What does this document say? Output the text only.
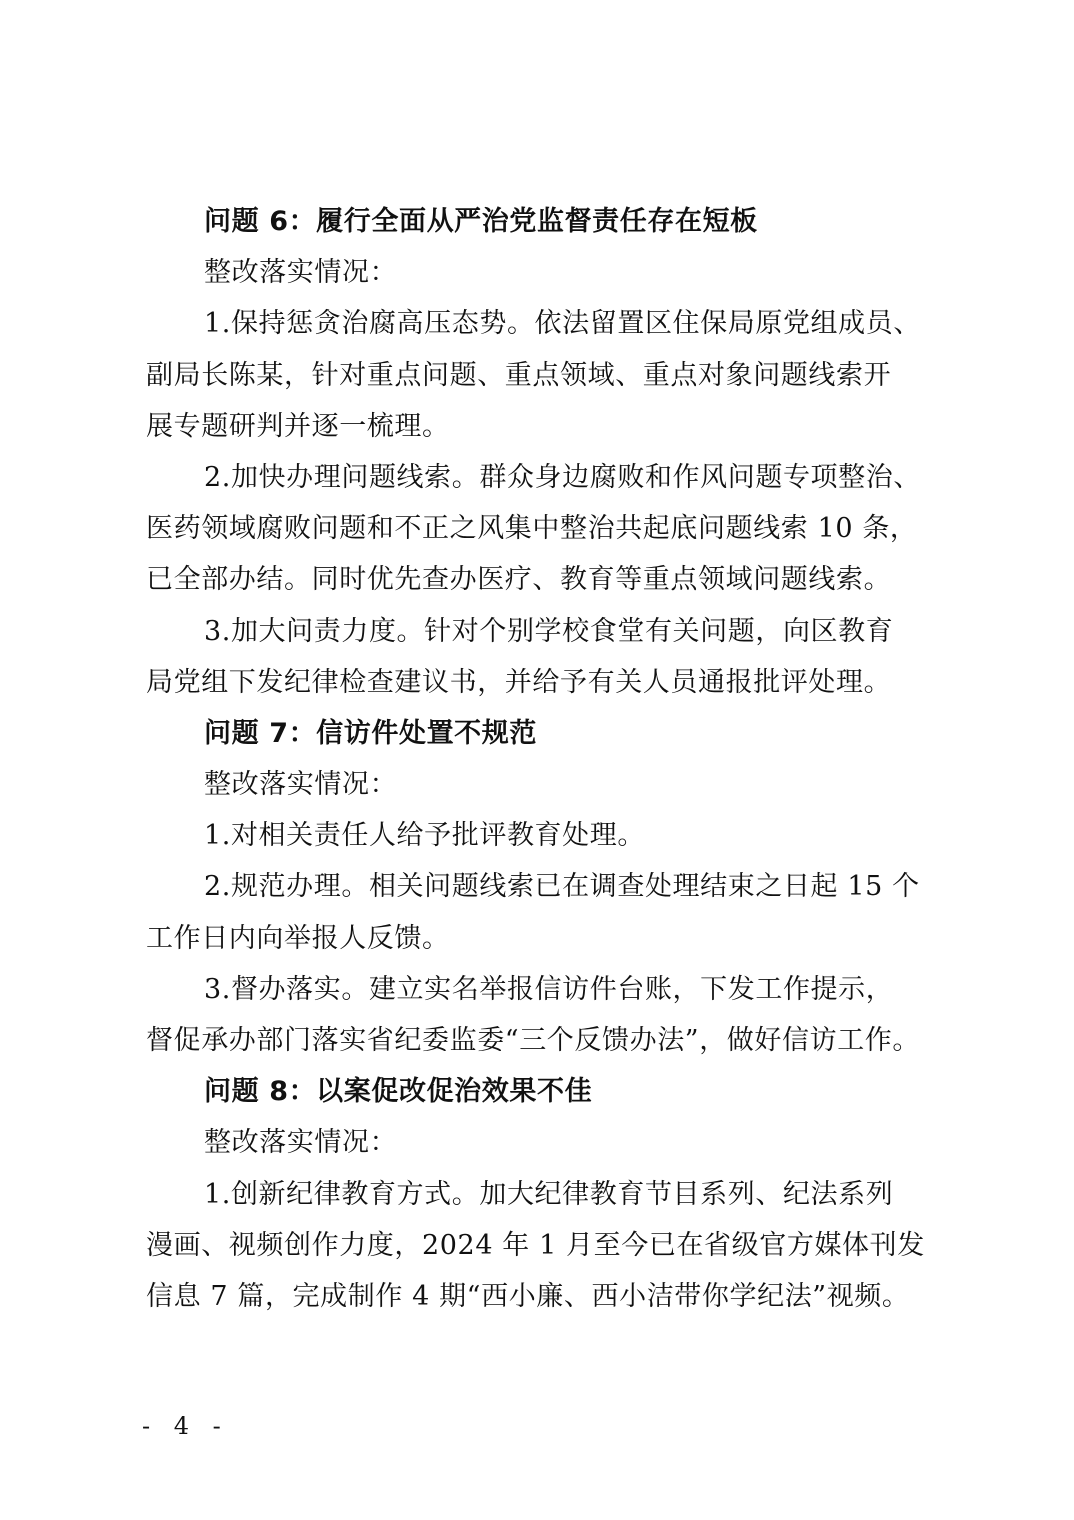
问题 6：履行全面从严治党监督责任存在短板
整改落实情况：
1.保持惩贪治腐高压态势。依法留置区住保局原党组成员、
副局长陈某，针对重点问题、重点领域、重点对象问题线索开
展专题研判并逐一梳理。
2.加快办理问题线索。群众身边腐败和作风问题专项整治、
医药领域腐败问题和不正之风集中整治共起底问题线索 10 条，
已全部办结。同时优先查办医疗、教育等重点领域问题线索。
3.加大问责力度。针对个别学校食堂有关问题，向区教育
局党组下发纪律检查建议书，并给予有关人员通报批评处理。
问题 7：信访件处置不规范
整改落实情况：
1.对相关责任人给予批评教育处理。
2.规范办理。相关问题线索已在调查处理结束之日起 15 个
工作日内向举报人反馈。
3.督办落实。建立实名举报信访件台账，下发工作提示，
督促承办部门落实省纪委监委“三个反馈办法”，做好信访工作。
问题 8：以案促改促治效果不佳
整改落实情况：
1.创新纪律教育方式。加大纪律教育节目系列、纪法系列
漫画、视频创作力度，2024 年 1 月至今已在省级官方媒体刊发
信息 7 篇，完成制作 4 期“西小廉、西小洁带你学纪法”视频。
- 4 -
